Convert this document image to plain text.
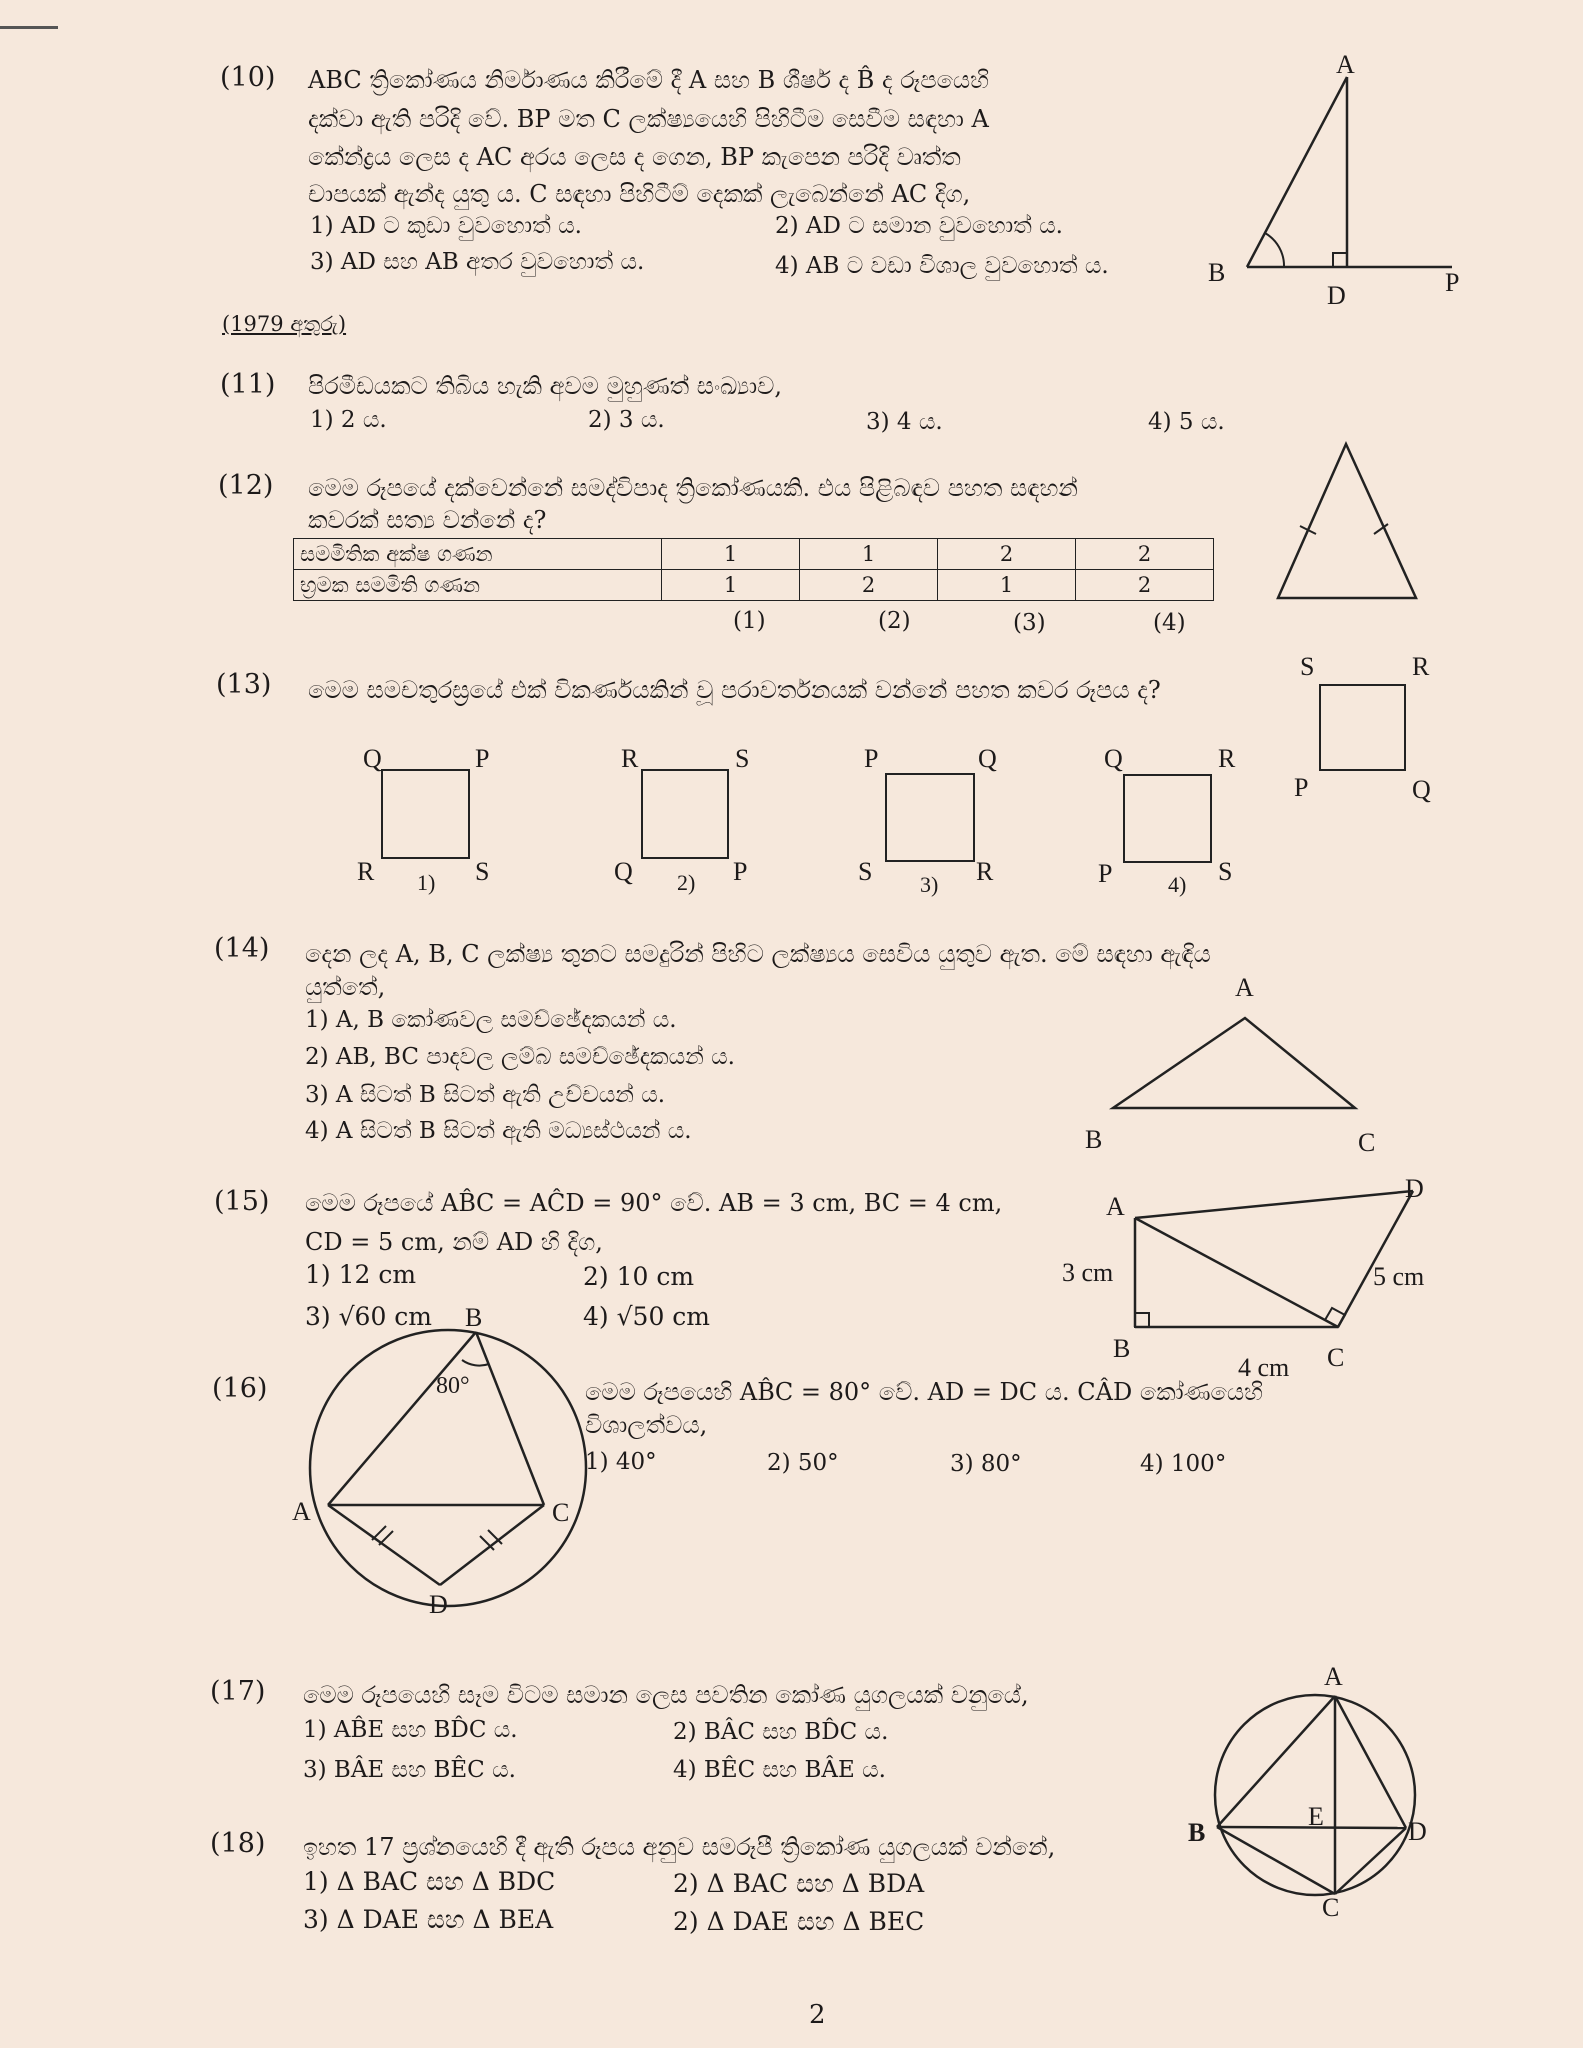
(10) ABC ත්‍රිකෝණය නිර්මාණය කිරීමේ දී A සහ B ශීර්ෂ ද B̂ ද රූපයෙහි
දක්වා ඇති පරිදි වේ. BP මත C ලක්ෂ්‍යයෙහි පිහිටීම සෙවීම සඳහා A
කේන්ද්‍රය ලෙස ද AC අරය ලෙස ද ගෙන, BP කැපෙන පරිදි වෘත්ත
චාපයක් ඇන්ද යුතු ය. C සඳහා පිහිටීම් දෙකක් ලැබෙන්නේ AC දිග,
1) AD ට කුඩා වුවහොත් ය.	2) AD ට සමාන වුවහොත් ය.
3) AD සහ AB අතර වුවහොත් ය.	4) AB ට වඩා විශාල වුවහොත් ය.
A
B
D	P
(1979 අතුරු)
(11) පිරමීඩයකට තිබිය හැකි අවම මුහුණත් සංඛ්‍යාව,
1) 2 ය.	2) 3 ය.	3) 4 ය.	4) 5 ය.
(12) මෙම රූපයේ දක්වෙන්නේ සමද්විපාද ත්‍රිකෝණයකි. එය පිළිබඳව පහත සඳහන්
කවරක් සත්‍ය වන්නේ ද?
සමමිතික අක්ෂ ගණන	1	1	2	2
භ්‍රමක සමමිති ගණන	1	2	1	2
(1)	(2)	(3)	(4)
(13) මෙම සමචතුරස්‍රයේ එක් විකර්ණයකින් වූ පරාවර්තනයක් වන්නේ පහත කවර රූපය ද?
S	R
P	Q
Q	P
R	S
1)
R	S
Q	P
2)
P	Q
S	R
3)
Q	R
P	S
4)
(14) දෙන ලද A, B, C ලක්ෂ්‍ය තුනට සමදුරින් පිහිට ලක්ෂ්‍යය සෙවිය යුතුව ඇත. මේ සඳහා ඇඳිය
යුත්තේ,
1) A, B කෝණවල සමච්ඡේදකයන් ය.
2) AB, BC පාදවල ලම්බ සමච්ඡේදකයන් ය.
3) A සිටත් B සිටත් ඇති උච්චයන් ය.
4) A සිටත් B සිටත් ඇති මධ්‍යස්ථයන් ය.
A
B	C
(15) මෙම රූපයේ AB̂C = AĈD = 90° වේ. AB = 3 cm, BC = 4 cm,
CD = 5 cm, නම් AD හි දිග,
1) 12 cm	2) 10 cm
3) √60 cm	4) √50 cm
A
B	C
D
3 cm
4 cm
5 cm
(16)	මෙම රූපයෙහි AB̂C = 80° වේ. AD = DC ය. CÂD කෝණයෙහි
විශාලත්වය,
1) 40°	2) 50°	3) 80°	4) 100°
B
A	C
D
80°
(17) මෙම රූපයෙහි සෑම විටම සමාන ලෙස පවතින කෝණ යුගලයක් වනුයේ,
1) AB̂E සහ BD̂C ය.	2) BÂC සහ BD̂C ය.
3) BÂE සහ BÊC ය.	4) BÊC සහ BÂE ය.
A
B	D
C
E
(18) ඉහත 17 ප්‍රශ්නයෙහි දී ඇති රූපය අනුව සමරූපී ත්‍රිකෝණ යුගලයක් වන්නේ,
1) Δ BAC සහ Δ BDC	2) Δ BAC සහ Δ BDA
3) Δ DAE සහ Δ BEA	2) Δ DAE සහ Δ BEC
2
